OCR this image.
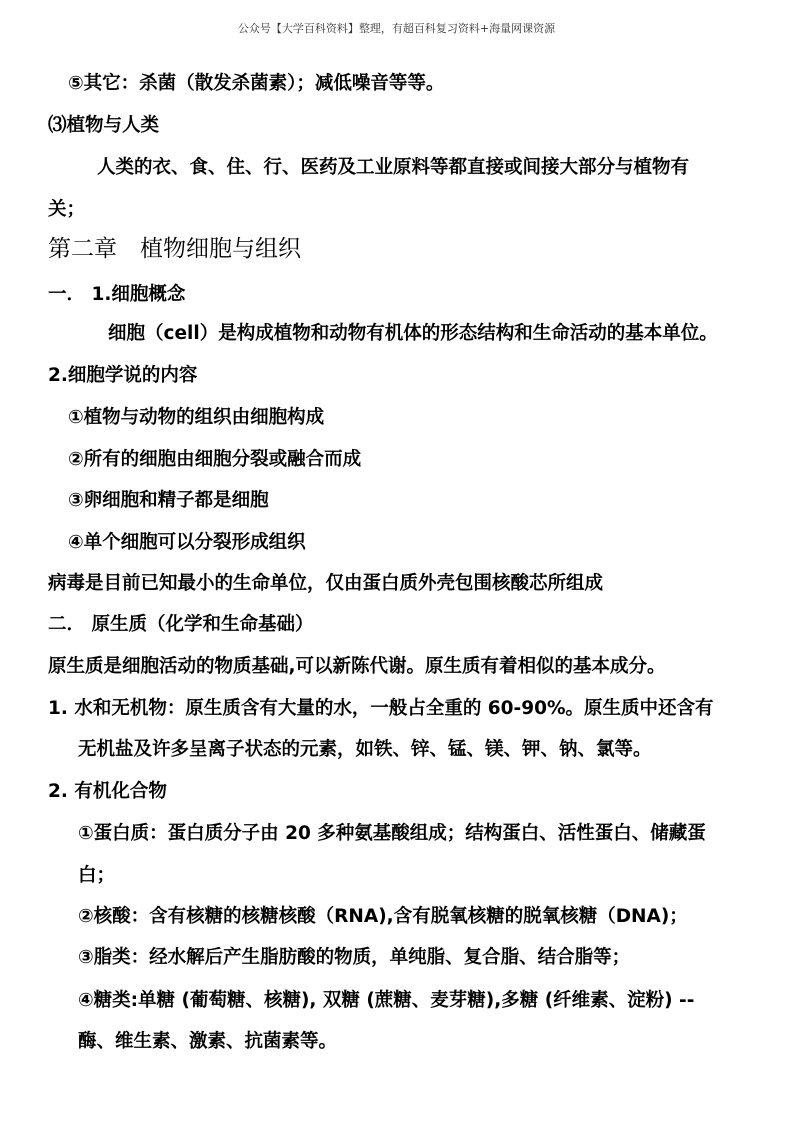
公众号【大学百科资料】整理，有超百科复习资料+海量网课资源
⑤其它：杀菌（散发杀菌素）；减低噪音等等。
⑶植物与人类
人类的衣、食、住、行、医药及工业原料等都直接或间接大部分与植物有
关；
第二章　植物细胞与组织
一． 1.细胞概念
细胞（cell）是构成植物和动物有机体的形态结构和生命活动的基本单位。
2.细胞学说的内容
①植物与动物的组织由细胞构成
②所有的细胞由细胞分裂或融合而成
③卵细胞和精子都是细胞
④单个细胞可以分裂形成组织
病毒是目前已知最小的生命单位，仅由蛋白质外壳包围核酸芯所组成
二． 原生质（化学和生命基础）
原生质是细胞活动的物质基础,可以新陈代谢。原生质有着相似的基本成分。
1. 水和无机物：原生质含有大量的水，一般占全重的 60-90%。原生质中还含有
无机盐及许多呈离子状态的元素，如铁、锌、锰、镁、钾、钠、氯等。
2. 有机化合物
①蛋白质：蛋白质分子由 20 多种氨基酸组成；结构蛋白、活性蛋白、储藏蛋
白；
②核酸：含有核糖的核糖核酸（RNA),含有脱氧核糖的脱氧核糖（DNA)；
③脂类：经水解后产生脂肪酸的物质，单纯脂、复合脂、结合脂等；
④糖类:单糖 (葡萄糖、核糖), 双糖 (蔗糖、麦芽糖),多糖 (纤维素、淀粉) --
酶、维生素、激素、抗菌素等。
